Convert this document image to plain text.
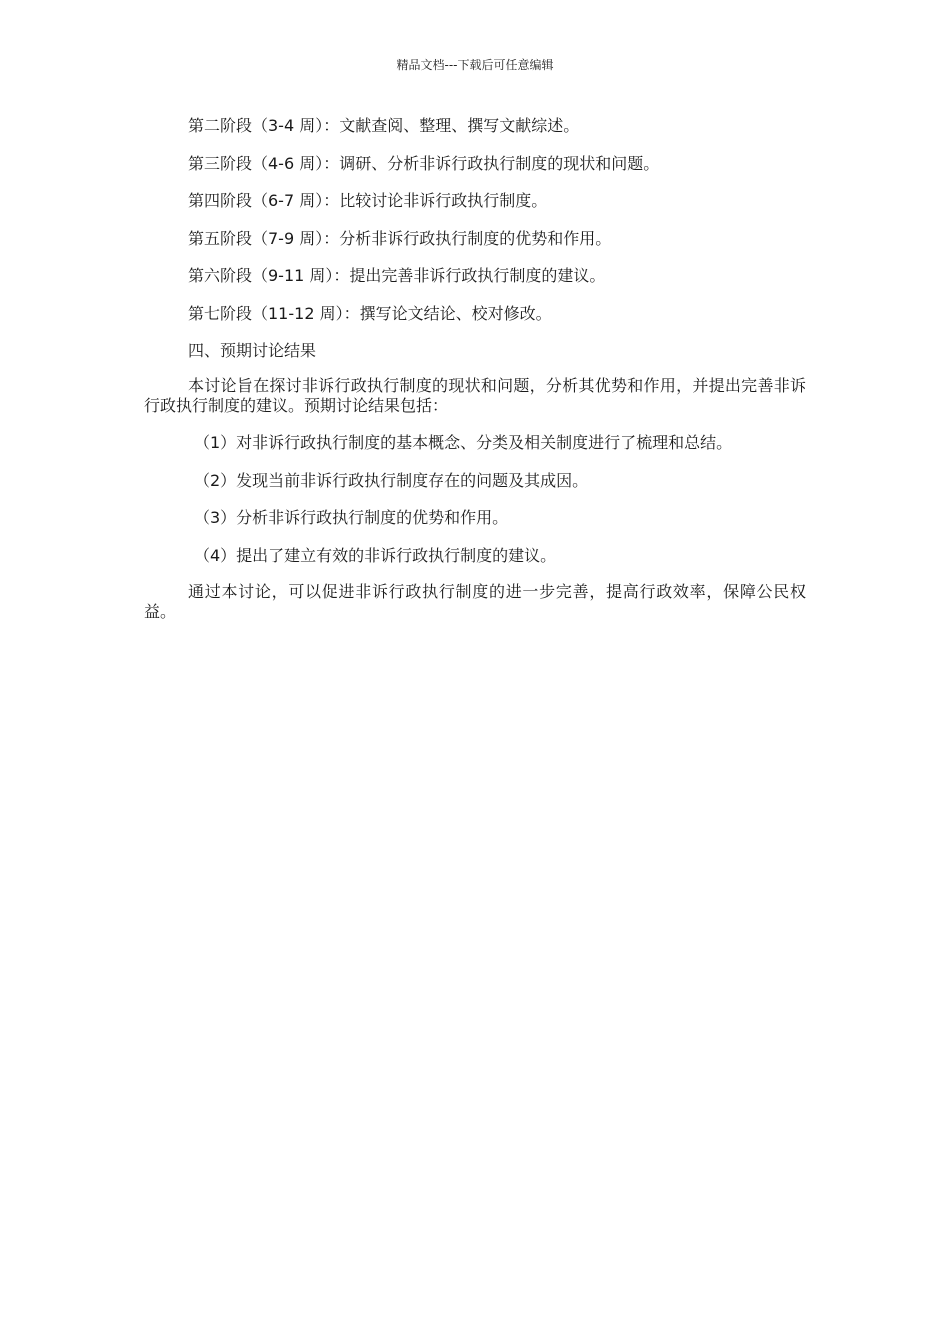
精品文档---下载后可任意编辑
第二阶段（3-4 周）：文献查阅、整理、撰写文献综述。
第三阶段（4-6 周）：调研、分析非诉行政执行制度的现状和问题。
第四阶段（6-7 周）：比较讨论非诉行政执行制度。
第五阶段（7-9 周）：分析非诉行政执行制度的优势和作用。
第六阶段（9-11 周）：提出完善非诉行政执行制度的建议。
第七阶段（11-12 周）：撰写论文结论、校对修改。
四、预期讨论结果
本讨论旨在探讨非诉行政执行制度的现状和问题，分析其优势和作用，并提出完善非诉行政执行制度的建议。预期讨论结果包括：
（1）对非诉行政执行制度的基本概念、分类及相关制度进行了梳理和总结。
（2）发现当前非诉行政执行制度存在的问题及其成因。
（3）分析非诉行政执行制度的优势和作用。
（4）提出了建立有效的非诉行政执行制度的建议。
通过本讨论，可以促进非诉行政执行制度的进一步完善，提高行政效率，保障公民权益。
